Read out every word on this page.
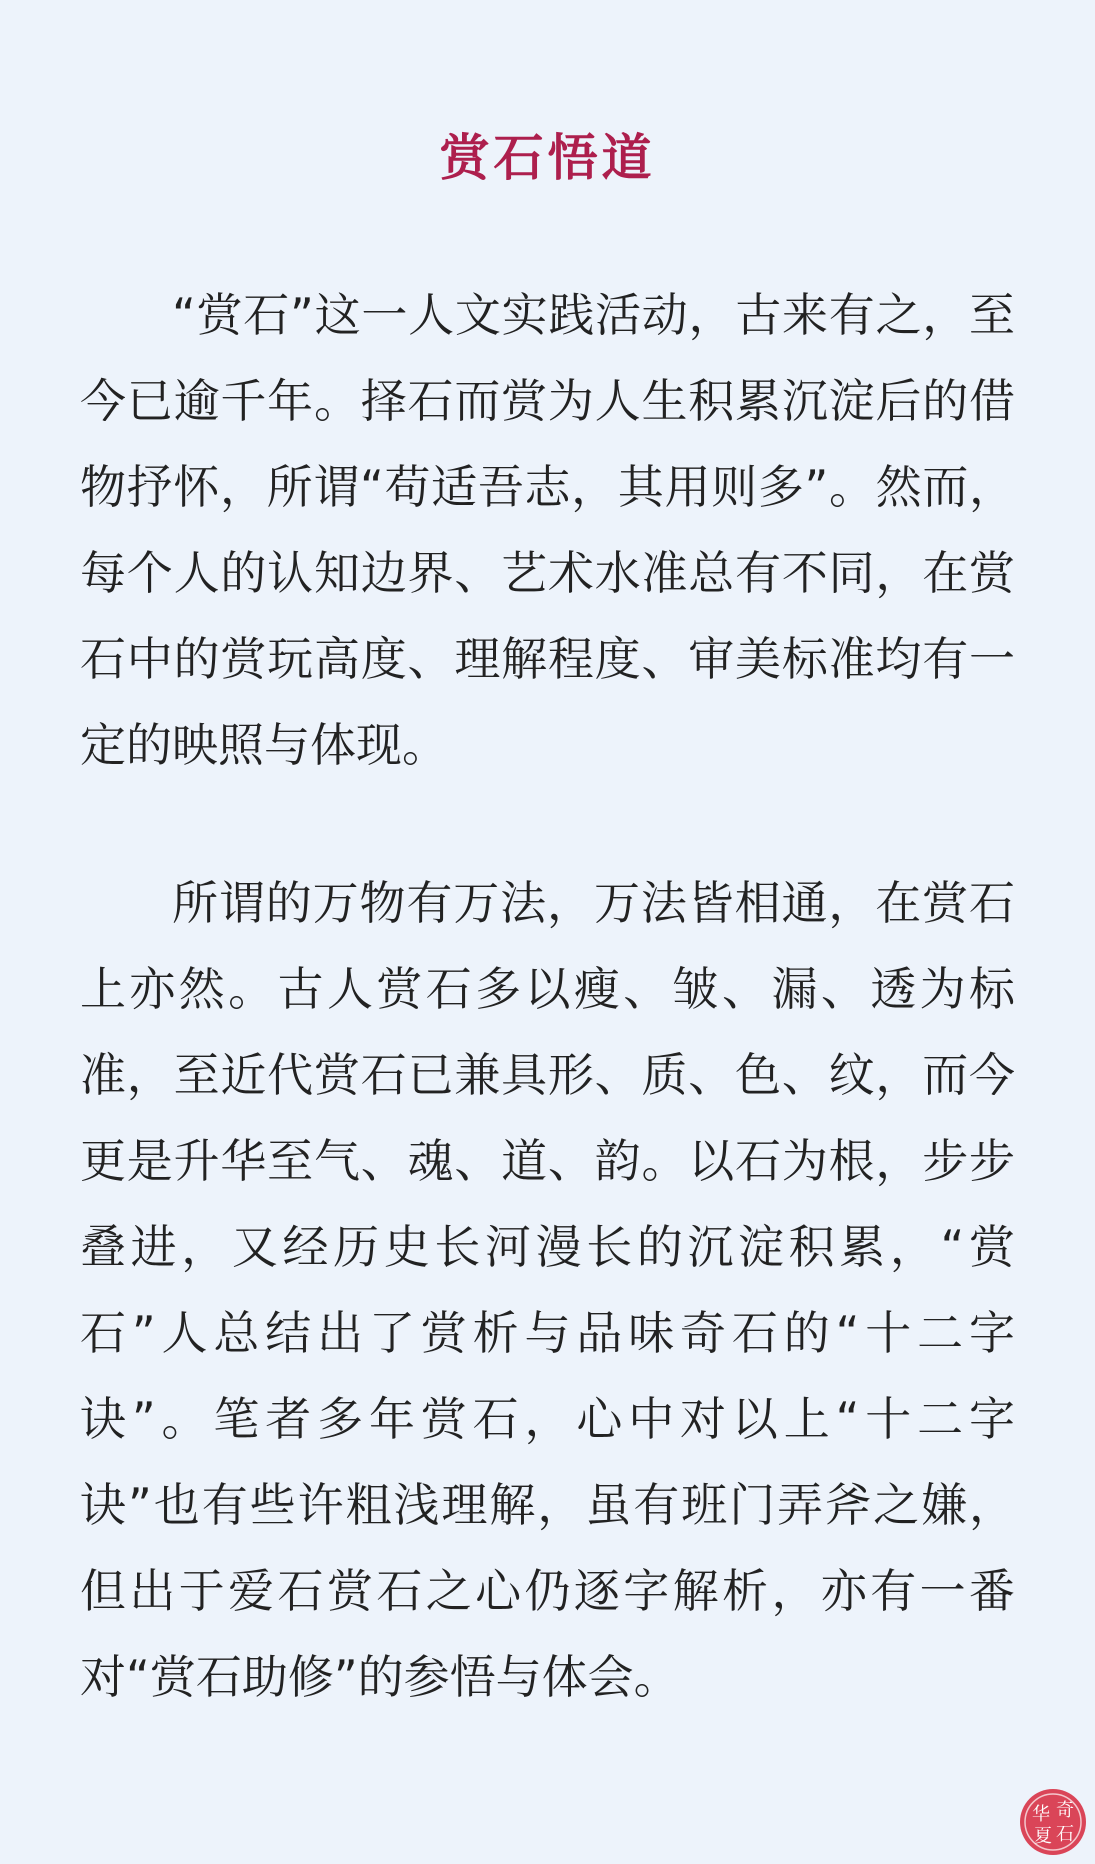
赏石悟道

“赏石”这一人文实践活动，古来有之，至今已逾千年。择石而赏为人生积累沉淀后的借物抒怀，所谓“苟适吾志，其用则多”。然而，每个人的认知边界、艺术水准总有不同，在赏石中的赏玩高度、理解程度、审美标准均有一定的映照与体现。

所谓的万物有万法，万法皆相通，在赏石上亦然。古人赏石多以瘦、皱、漏、透为标准，至近代赏石已兼具形、质、色、纹，而今更是升华至气、魂、道、韵。以石为根，步步叠进，又经历史长河漫长的沉淀积累，“赏石”人总结出了赏析与品味奇石的“十二字诀”。笔者多年赏石，心中对以上“十二字诀”也有些许粗浅理解，虽有班门弄斧之嫌，但出于爱石赏石之心仍逐字解析，亦有一番对“赏石助修”的参悟与体会。

华 奇
夏 石
